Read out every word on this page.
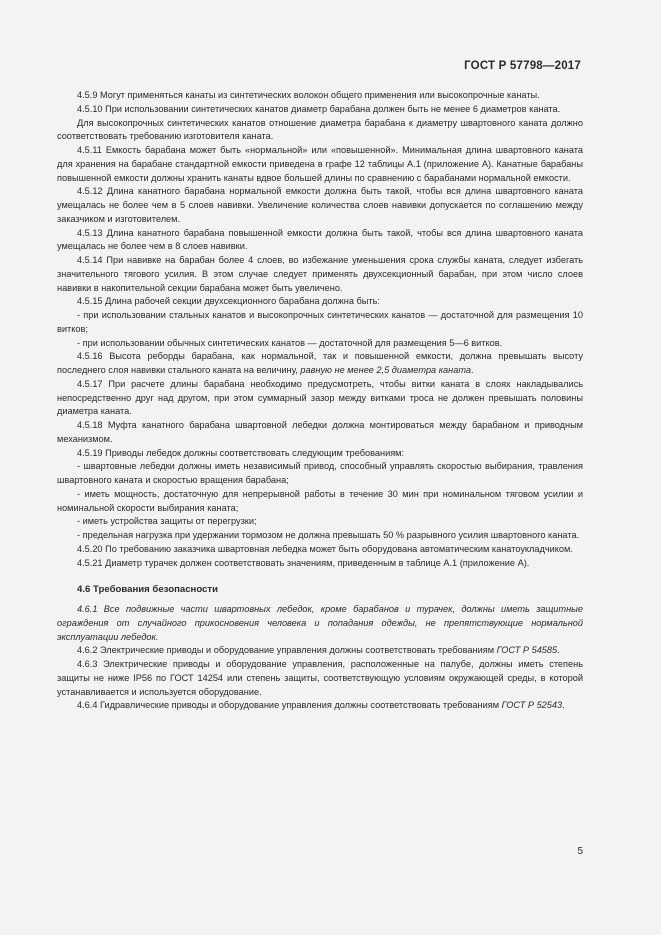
ГОСТ Р 57798—2017

4.5.9 Могут применяться канаты из синтетических волокон общего применения или высокопрочные канаты.

4.5.10 При использовании синтетических канатов диаметр барабана должен быть не менее 6 диаметров каната.

Для высокопрочных синтетических канатов отношение диаметра барабана к диаметру швартовного каната должно соответствовать требованию изготовителя каната.

4.5.11 Емкость барабана может быть «нормальной» или «повышенной». Минимальная длина швартовного каната для хранения на барабане стандартной емкости приведена в графе 12 таблицы А.1 (приложение А). Канатные барабаны повышенной емкости должны хранить канаты вдвое большей длины по сравнению с барабанами нормальной емкости.

4.5.12 Длина канатного барабана нормальной емкости должна быть такой, чтобы вся длина швартовного каната умещалась не более чем в 5 слоев навивки. Увеличение количества слоев навивки допускается по соглашению между заказчиком и изготовителем.

4.5.13 Длина канатного барабана повышенной емкости должна быть такой, чтобы вся длина швартовного каната умещалась не более чем в 8 слоев навивки.

4.5.14 При навивке на барабан более 4 слоев, во избежание уменьшения срока службы каната, следует избегать значительного тягового усилия. В этом случае следует применять двухсекционный барабан, при этом число слоев навивки в накопительной секции барабана может быть увеличено.

4.5.15 Длина рабочей секции двухсекционного барабана должна быть:

- при использовании стальных канатов и высокопрочных синтетических канатов — достаточной для размещения 10 витков;

- при использовании обычных синтетических канатов — достаточной для размещения 5—6 витков.

4.5.16 Высота реборды барабана, как нормальной, так и повышенной емкости, должна превышать высоту последнего слоя навивки стального каната на величину, равную не менее 2,5 диаметра каната.

4.5.17 При расчете длины барабана необходимо предусмотреть, чтобы витки каната в слоях накладывались непосредственно друг над другом, при этом суммарный зазор между витками троса не должен превышать половины диаметра каната.

4.5.18 Муфта канатного барабана швартовной лебедки должна монтироваться между барабаном и приводным механизмом.

4.5.19 Приводы лебедок должны соответствовать следующим требованиям:

- швартовные лебедки должны иметь независимый привод, способный управлять скоростью выбирания, травления швартовного каната и скоростью вращения барабана;

- иметь мощность, достаточную для непрерывной работы в течение 30 мин при номинальном тяговом усилии и номинальной скорости выбирания каната;

- иметь устройства защиты от перегрузки;

- предельная нагрузка при удержании тормозом не должна превышать 50 % разрывного усилия швартовного каната.

4.5.20 По требованию заказчика швартовная лебедка может быть оборудована автоматическим канатоукладчиком.

4.5.21 Диаметр турачек должен соответствовать значениям, приведенным в таблице А.1 (приложение А).

4.6 Требования безопасности

4.6.1 Все подвижные части швартовных лебедок, кроме барабанов и турачек, должны иметь защитные ограждения от случайного прикосновения человека и попадания одежды, не препятствующие нормальной эксплуатации лебедок.

4.6.2 Электрические приводы и оборудование управления должны соответствовать требованиям ГОСТ Р 54585.

4.6.3 Электрические приводы и оборудование управления, расположенные на палубе, должны иметь степень защиты не ниже IP56 по ГОСТ 14254 или степень защиты, соответствующую условиям окружающей среды, в которой устанавливается и используется оборудование.

4.6.4 Гидравлические приводы и оборудование управления должны соответствовать требованиям ГОСТ Р 52543.

5
